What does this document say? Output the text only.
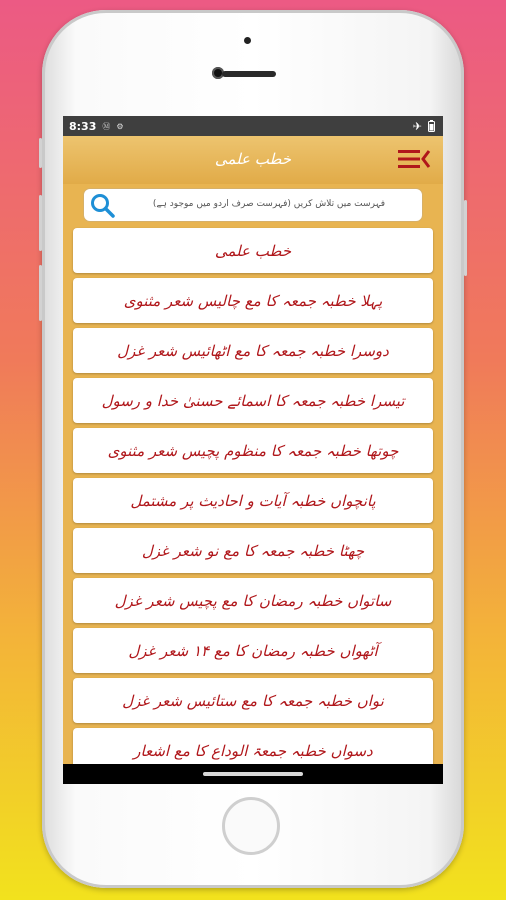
8:33 Ⓜ ⚙	✈
خطب علمی
فہرست میں تلاش کریں (فہرست صرف اردو میں موجود ہے)
خطب علمی
پہلا خطبہ جمعہ کا مع چالیس شعر مثنوی
دوسرا خطبہ جمعہ کا مع اٹھائیس شعر غزل
تیسرا خطبہ جمعہ کا اسمائے حسنیٰ خدا و رسول
چوتھا خطبہ جمعہ کا منظوم پچیس شعر مثنوی
پانچواں خطبہ آیات و احادیث پر مشتمل
چھٹا خطبہ جمعہ کا مع نو شعر غزل
ساتواں خطبہ رمضان کا مع پچیس شعر غزل
آٹھواں خطبہ رمضان کا مع ۱۴ شعر غزل
نواں خطبہ جمعہ کا مع ستائیس شعر غزل
دسواں خطبہ جمعۃ الوداع کا مع اشعار
